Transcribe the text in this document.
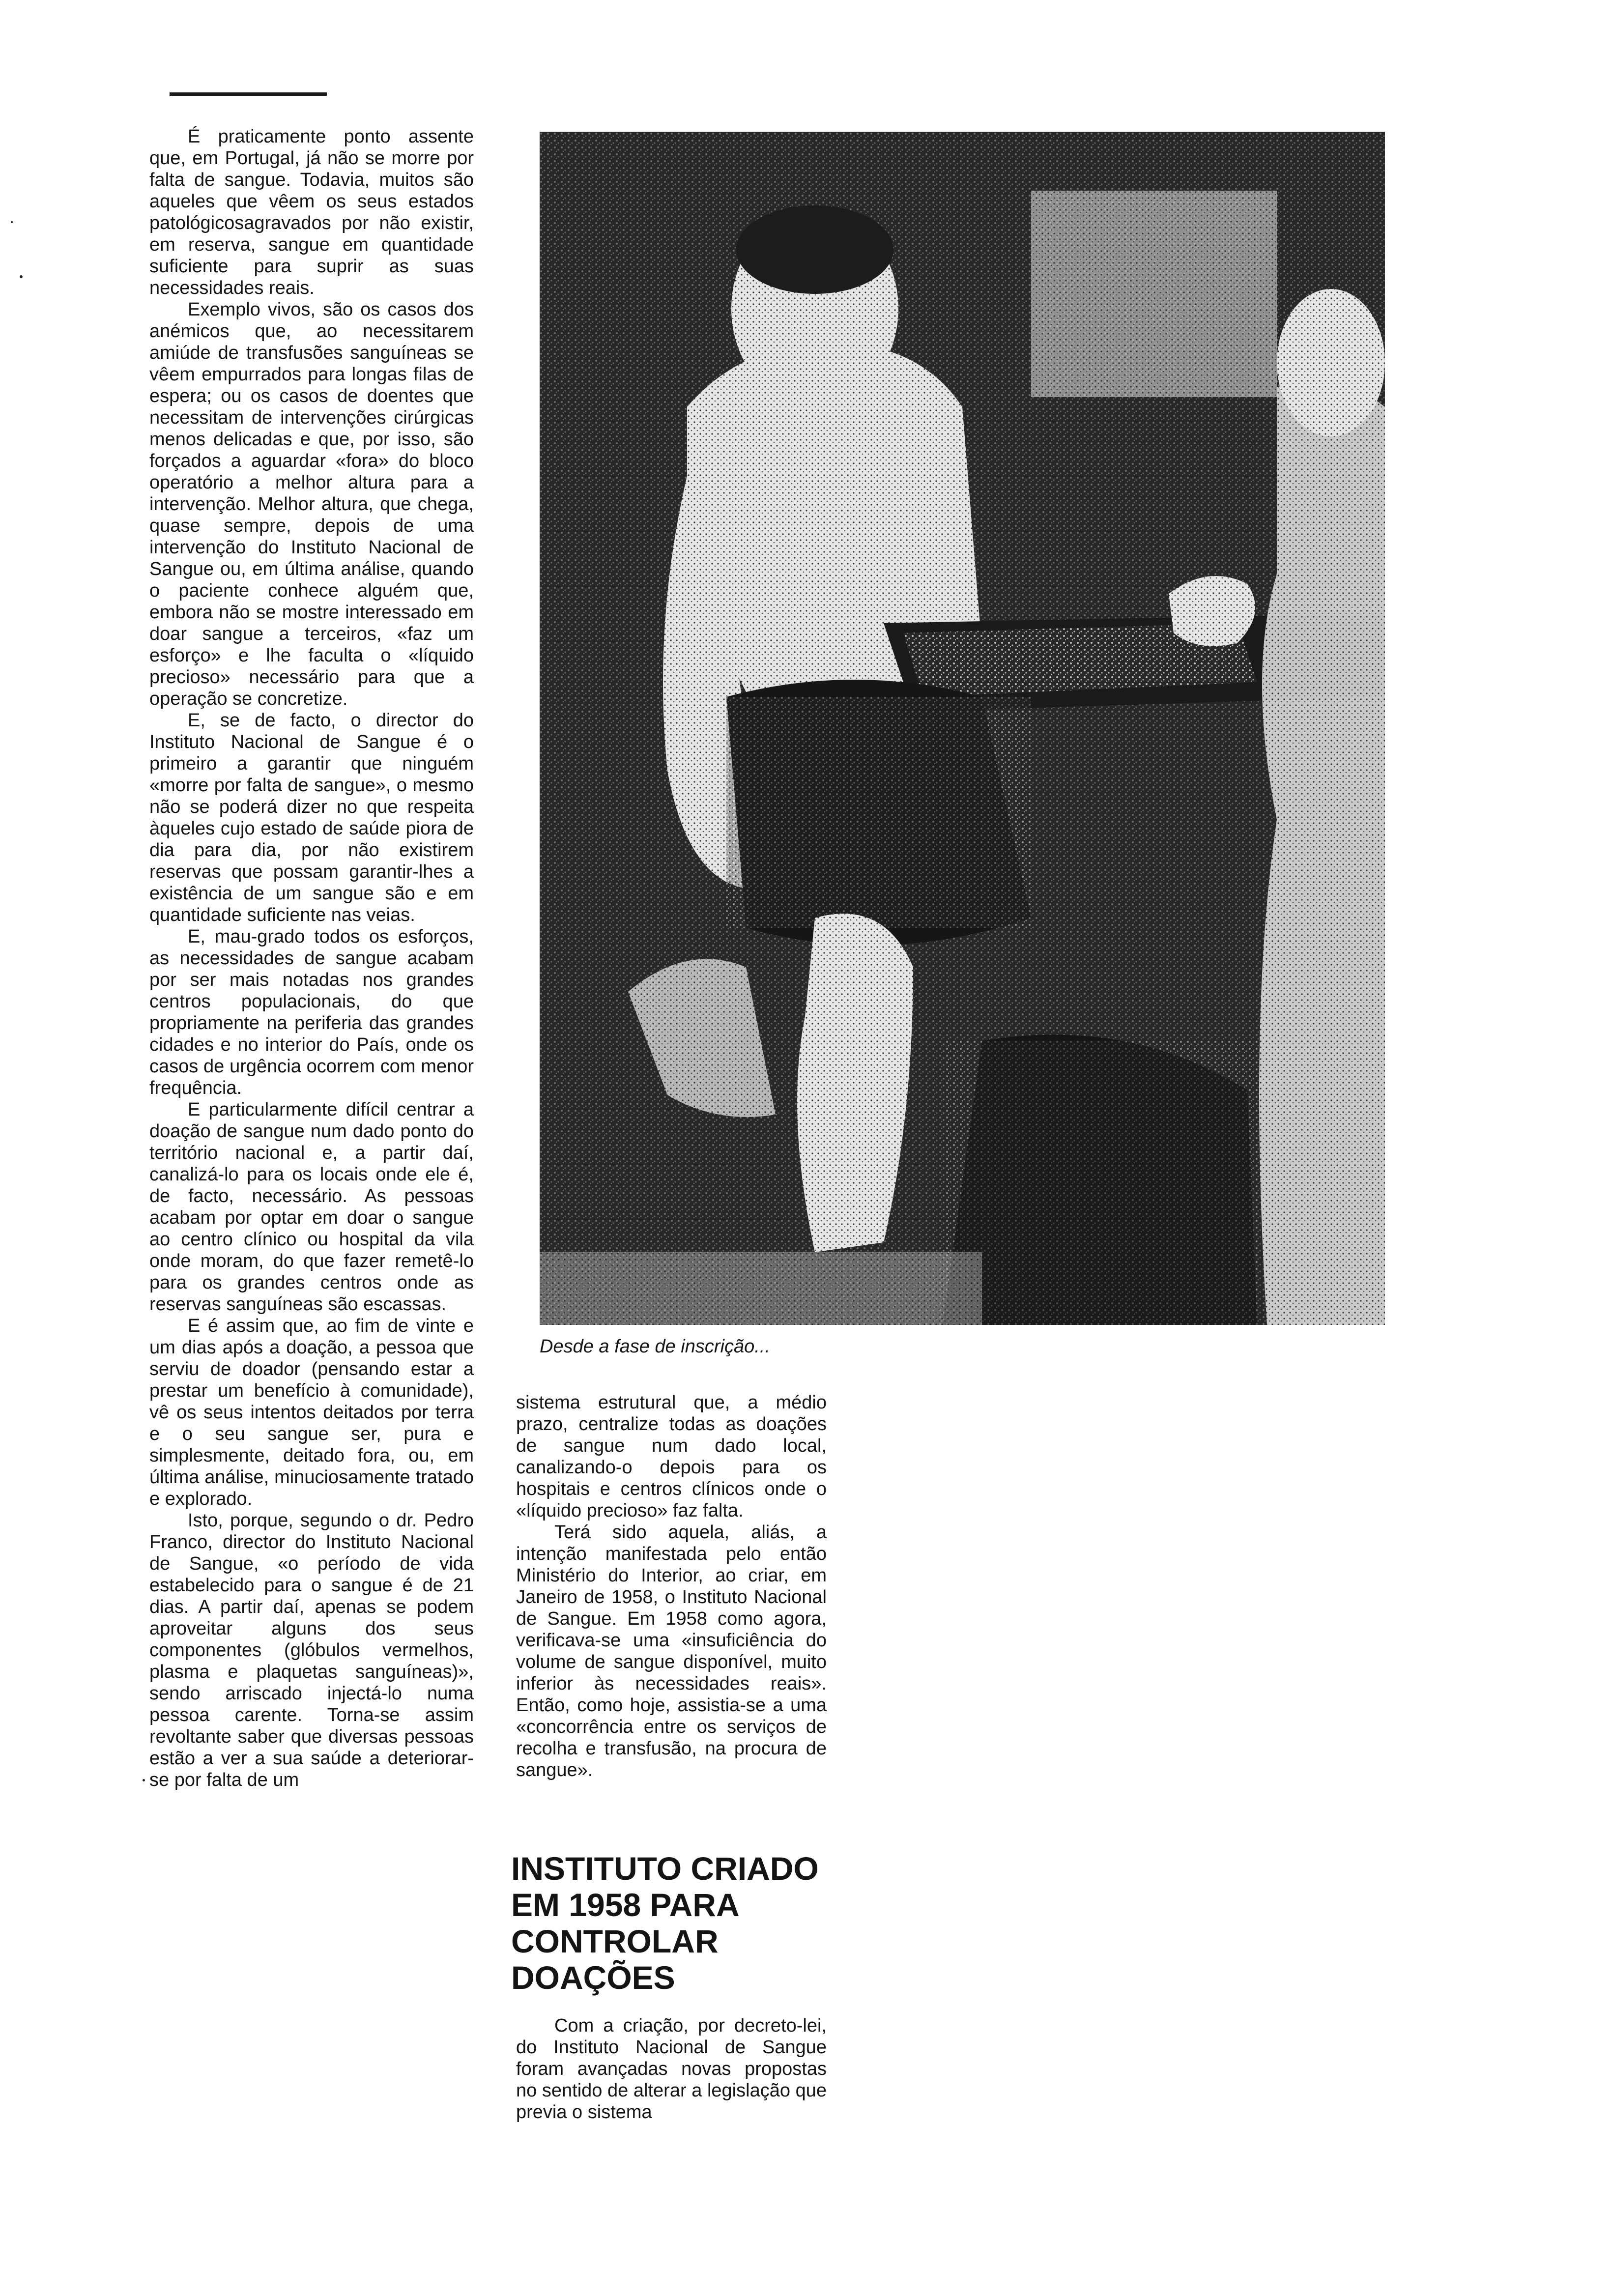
É praticamente ponto assente que, em Portugal, já não se morre por falta de sangue. Todavia, muitos são aqueles que vêem os seus estados patológicosagravados por não existir, em reserva, sangue em quantidade suficiente para suprir as suas necessidades reais.

Exemplo vivos, são os casos dos anémicos que, ao necessitarem amiúde de transfusões sanguíneas se vêem empurrados para longas filas de espera; ou os casos de doentes que necessitam de intervenções cirúrgicas menos delicadas e que, por isso, são forçados a aguardar «fora» do bloco operatório a melhor altura para a intervenção. Melhor altura, que chega, quase sempre, depois de uma intervenção do Instituto Nacional de Sangue ou, em última análise, quando o paciente conhece alguém que, embora não se mostre interessado em doar sangue a terceiros, «faz um esforço» e lhe faculta o «líquido precioso» necessário para que a operação se concretize.

E, se de facto, o director do Instituto Nacional de Sangue é o primeiro a garantir que ninguém «morre por falta de sangue», o mesmo não se poderá dizer no que respeita àqueles cujo estado de saúde piora de dia para dia, por não existirem reservas que possam garantir-lhes a existência de um sangue são e em quantidade suficiente nas veias.

E, mau-grado todos os esforços, as necessidades de sangue acabam por ser mais notadas nos grandes centros populacionais, do que propriamente na periferia das grandes cidades e no interior do País, onde os casos de urgência ocorrem com menor frequência.

E particularmente difícil centrar a doação de sangue num dado ponto do território nacional e, a partir daí, canalizá-lo para os locais onde ele é, de facto, necessário. As pessoas acabam por optar em doar o sangue ao centro clínico ou hospital da vila onde moram, do que fazer remetê-lo para os grandes centros onde as reservas sanguíneas são escassas.

E é assim que, ao fim de vinte e um dias após a doação, a pessoa que serviu de doador (pensando estar a prestar um benefício à comunidade), vê os seus intentos deitados por terra e o seu sangue ser, pura e simplesmente, deitado fora, ou, em última análise, minuciosamente tratado e explorado.

Isto, porque, segundo o dr. Pedro Franco, director do Instituto Nacional de Sangue, «o período de vida estabelecido para o sangue é de 21 dias. A partir daí, apenas se podem aproveitar alguns dos seus componentes (glóbulos vermelhos, plasma e plaquetas sanguíneas)», sendo arriscado injectá-lo numa pessoa carente. Torna-se assim revoltante saber que diversas pessoas estão a ver a sua saúde a deteriorar-se por falta de um

Desde a fase de inscrição...

sistema estrutural que, a médio prazo, centralize todas as doações de sangue num dado local, canalizando-o depois para os hospitais e centros clínicos onde o «líquido precioso» faz falta.

Terá sido aquela, aliás, a intenção manifestada pelo então Ministério do Interior, ao criar, em Janeiro de 1958, o Instituto Nacional de Sangue. Em 1958 como agora, verificava-se uma «insuficiência do volume de sangue disponível, muito inferior às necessidades reais». Então, como hoje, assistia-se a uma «concorrência entre os serviços de recolha e transfusão, na procura de sangue».

INSTITUTO CRIADO EM 1958 PARA CONTROLAR DOAÇÕES

Com a criação, por decreto-lei, do Instituto Nacional de Sangue foram avançadas novas propostas no sentido de alterar a legislação que previa o sistema
